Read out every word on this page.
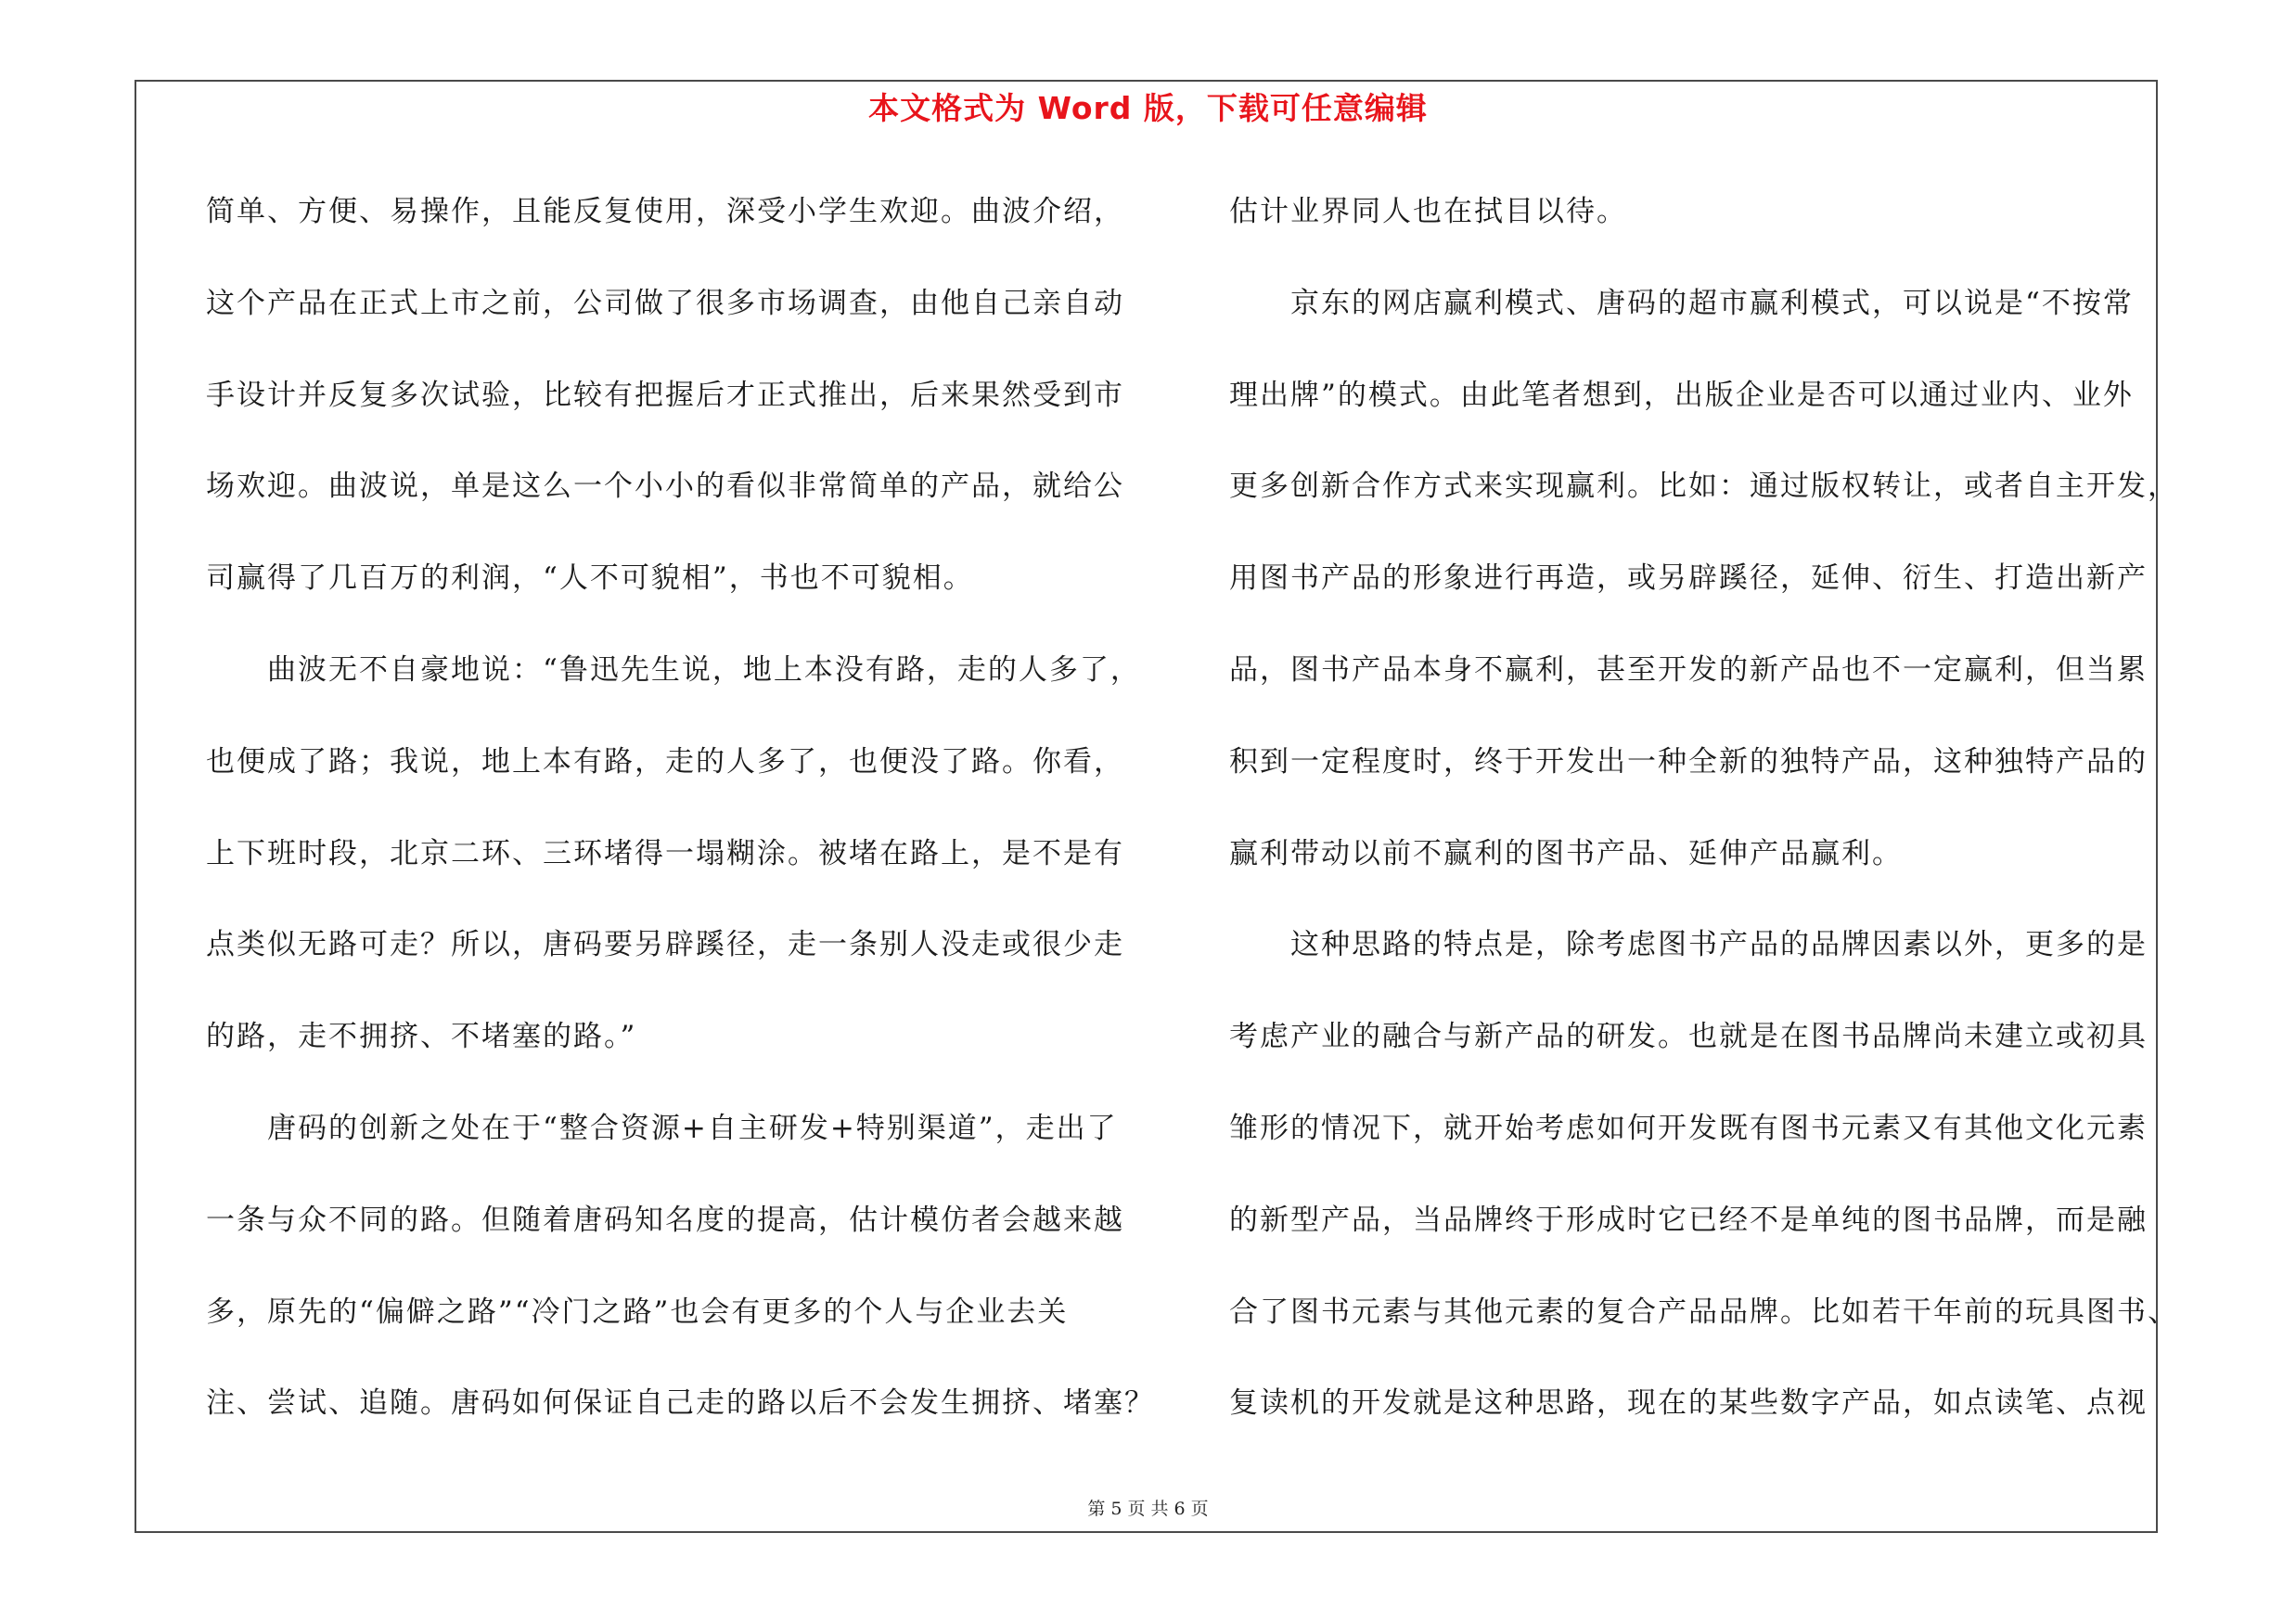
本文格式为 Word 版，下载可任意编辑
简单、方便、易操作，且能反复使用，深受小学生欢迎。曲波介绍，
这个产品在正式上市之前，公司做了很多市场调查，由他自己亲自动
手设计并反复多次试验，比较有把握后才正式推出，后来果然受到市
场欢迎。曲波说，单是这么一个小小的看似非常简单的产品，就给公
司赢得了几百万的利润，“人不可貌相”，书也不可貌相。
曲波无不自豪地说：“鲁迅先生说，地上本没有路，走的人多了，
也便成了路；我说，地上本有路，走的人多了，也便没了路。你看，
上下班时段，北京二环、三环堵得一塌糊涂。被堵在路上，是不是有
点类似无路可走？所以，唐码要另辟蹊径，走一条别人没走或很少走
的路，走不拥挤、不堵塞的路。”
唐码的创新之处在于“整合资源+自主研发+特别渠道”，走出了
一条与众不同的路。但随着唐码知名度的提高，估计模仿者会越来越
多，原先的“偏僻之路”“冷门之路”也会有更多的个人与企业去关
注、尝试、追随。唐码如何保证自己走的路以后不会发生拥挤、堵塞？
估计业界同人也在拭目以待。
京东的网店赢利模式、唐码的超市赢利模式，可以说是“不按常
理出牌”的模式。由此笔者想到，出版企业是否可以通过业内、业外
更多创新合作方式来实现赢利。比如：通过版权转让，或者自主开发，
用图书产品的形象进行再造，或另辟蹊径，延伸、衍生、打造出新产
品，图书产品本身不赢利，甚至开发的新产品也不一定赢利，但当累
积到一定程度时，终于开发出一种全新的独特产品，这种独特产品的
赢利带动以前不赢利的图书产品、延伸产品赢利。
这种思路的特点是，除考虑图书产品的品牌因素以外，更多的是
考虑产业的融合与新产品的研发。也就是在图书品牌尚未建立或初具
雏形的情况下，就开始考虑如何开发既有图书元素又有其他文化元素
的新型产品，当品牌终于形成时它已经不是单纯的图书品牌，而是融
合了图书元素与其他元素的复合产品品牌。比如若干年前的玩具图书、
复读机的开发就是这种思路，现在的某些数字产品，如点读笔、点视
第 5 页 共 6 页
